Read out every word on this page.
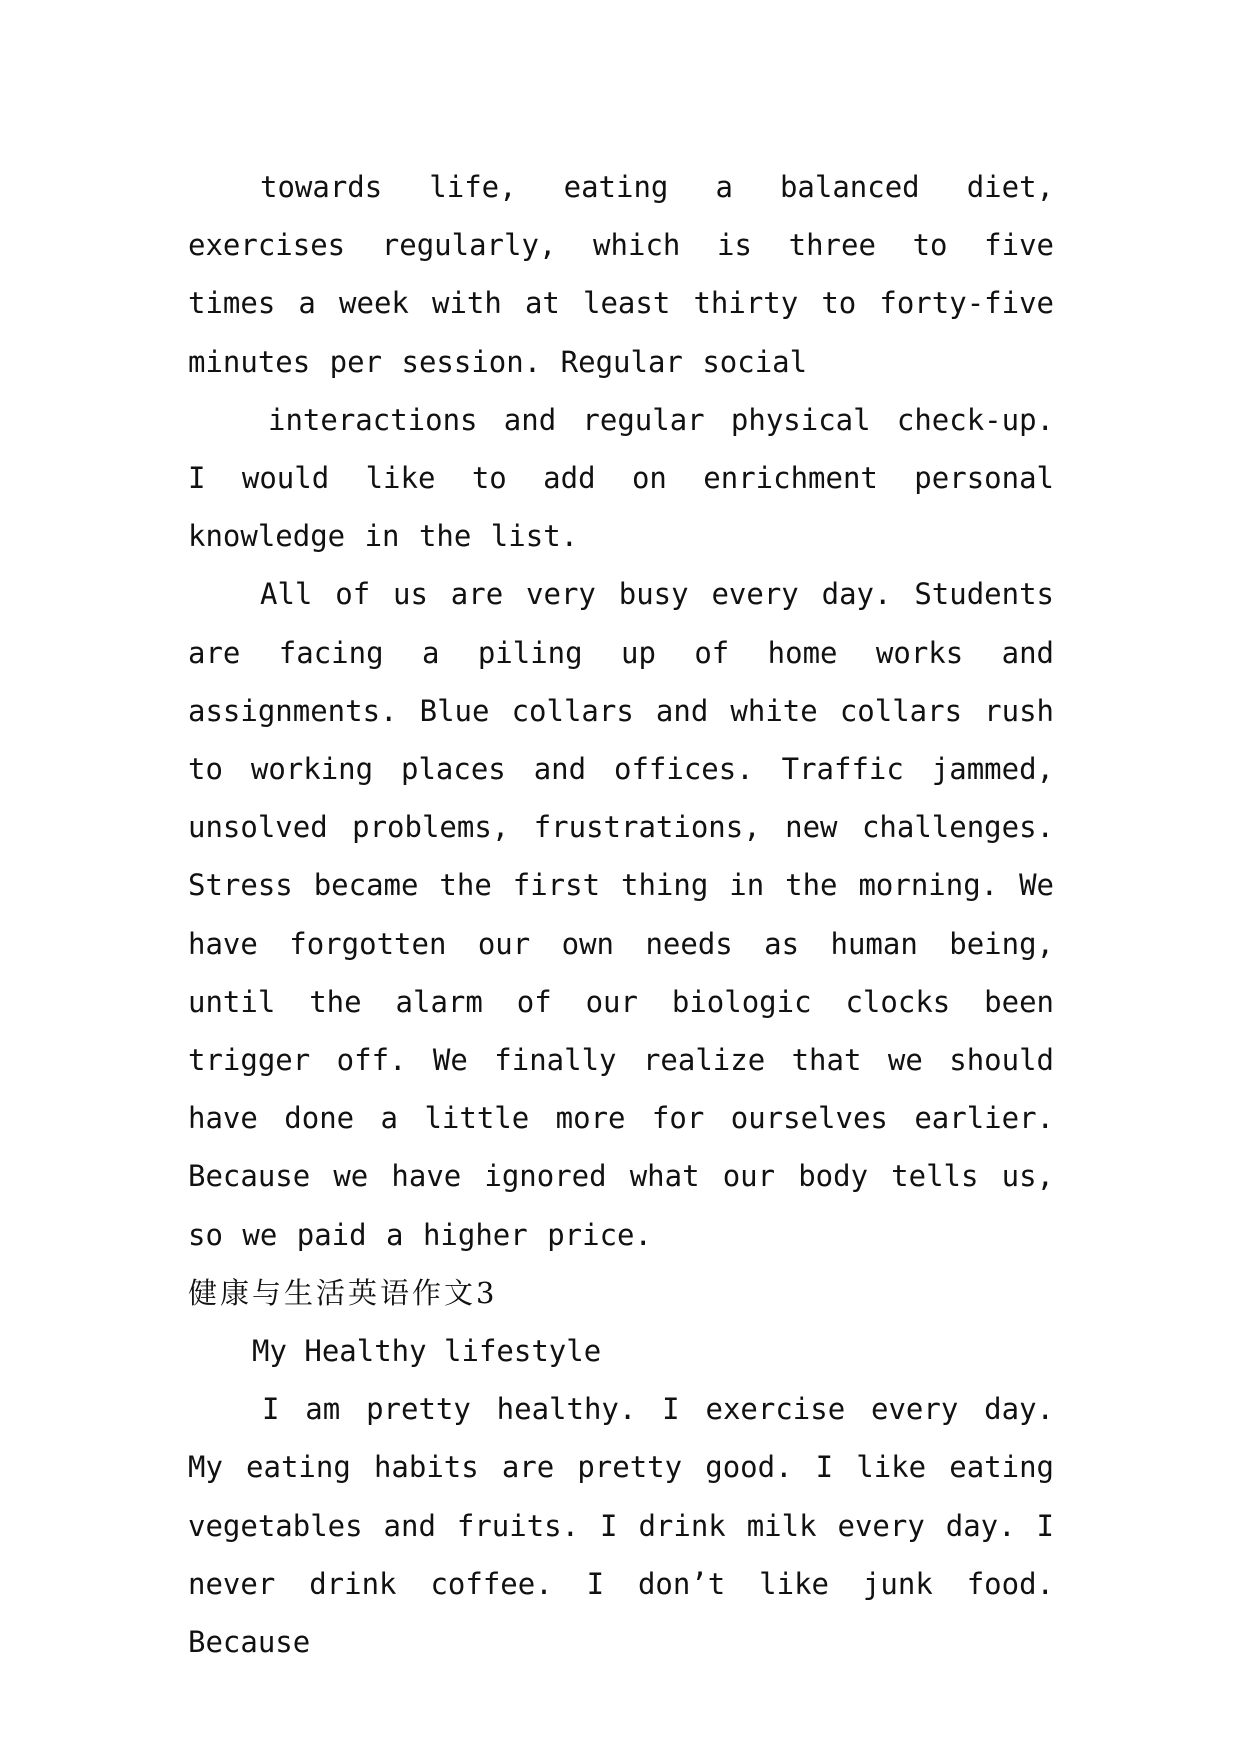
towards life, eating a balanced diet, exercises regularly, which is three to five times a week with at least thirty to forty-five minutes per session. Regular social

interactions and regular physical check-up. I would like to add on enrichment personal knowledge in the list.

All of us are very busy every day. Students are facing a piling up of home works and assignments. Blue collars and white collars rush to working places and offices. Traffic jammed, unsolved problems, frustrations, new challenges. Stress became the first thing in the morning. We have forgotten our own needs as human being, until the alarm of our biologic clocks been trigger off. We finally realize that we should have done a little more for ourselves earlier. Because we have ignored what our body tells us, so we paid a higher price.

健康与生活英语作文3

My Healthy lifestyle

I am pretty healthy. I exercise every day. My eating habits are pretty good. I like eating vegetables and fruits. I drink milk every day. I never drink coffee. I don’t like junk food. Because
